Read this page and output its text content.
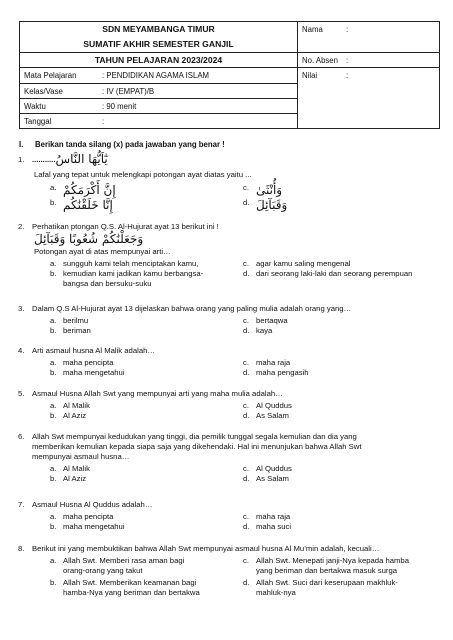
SDN MEYAMBANGA TIMUR
SUMATIF AKHIR SEMESTER GANJIL
TAHUN PELAJARAN 2023/2024
Nama	:
No. Absen	:
Mata Pelajaran	: PENDIDIKAN AGAMA ISLAM
Kelas/Vase	: IV (EMPAT)/B
Waktu	: 90 menit
Tanggal	:
Nilai	:
I.	Berikan tanda silang (x) pada jawaban yang benar !
1. ........... يٰٓاَيُّهَا النَّاسُ
Lafal yang tepat untuk melengkapi potongan ayat diatas yaitu ...
a. إِنَّ أَكْرَمَكُمْ	c. وَأُنْثَىٰ
b. إِنَّا خَلَقْنَٰكُم	d. وَقَبَآئِلَ
2. Perhatikan ptongan Q.S. Al-Hujurat ayat 13 berikut ini !
وَجَعَلْنَٰكُمْ شُعُوبًا وَقَبَآئِلَ
Potongan ayat di atas mempunyai arti…
a. sungguh kami telah menciptakan kamu,	c. agar kamu saling mengenal
b. kemudian kami jadikan kamu berbangsa-
bangsa dan bersuku-suku
d. dari seorang laki-laki dan seorang perempuan
3. Dalam Q.S Al-Hujurat ayat 13 dijelaskan bahwa orang yang paling mulia adalah orang yang…
a. berilmu	c. bertaqwa
b. beriman	d. kaya
4. Arti asmaul husna Al Malik adalah…
a. maha pencipta	c. maha raja
b. maha mengetahui	d. maha pengasih
5. Asmaul Husna Allah Swt yang mempunyai arti yang maha mulia adalah…
a. Al Malik	c. Al Quddus
b. Al Aziz	d. As Salam
6. Allah Swt mempunyai kedudukan yang tinggi, dia pemilik tunggal segala kemulian dan dia yang
memberikan kemulian kepada siapa saja yang dikehendaki. Hal ini menunjukan bahwa Allah Swt
mempunyai asmaul husna…
a. Al Malik	c. Al Quddus
b. Al Aziz	d. As Salam
7. Asmaul Husna Al Quddus adalah…
a. maha pencipta	c. maha raja
b. maha mengetahui	d. maha suci
8. Berikut ini yang membuktikan bahwa Allah Swt mempunyai asmaul husna Al Mu’min adalah, kecuali…
a. Allah Swt. Memberi rasa aman bagi
orang-orang yang takut
c. Allah Swt. Menepati janji-Nya kepada hamba
yang beriman dan bertakwa masuk surga
b. Allah Swt. Memberikan keamanan bagi
hamba-Nya yang beriman dan bertakwa
d. Allah Swt. Suci dari keserupaan makhluk-
mahluk-nya
